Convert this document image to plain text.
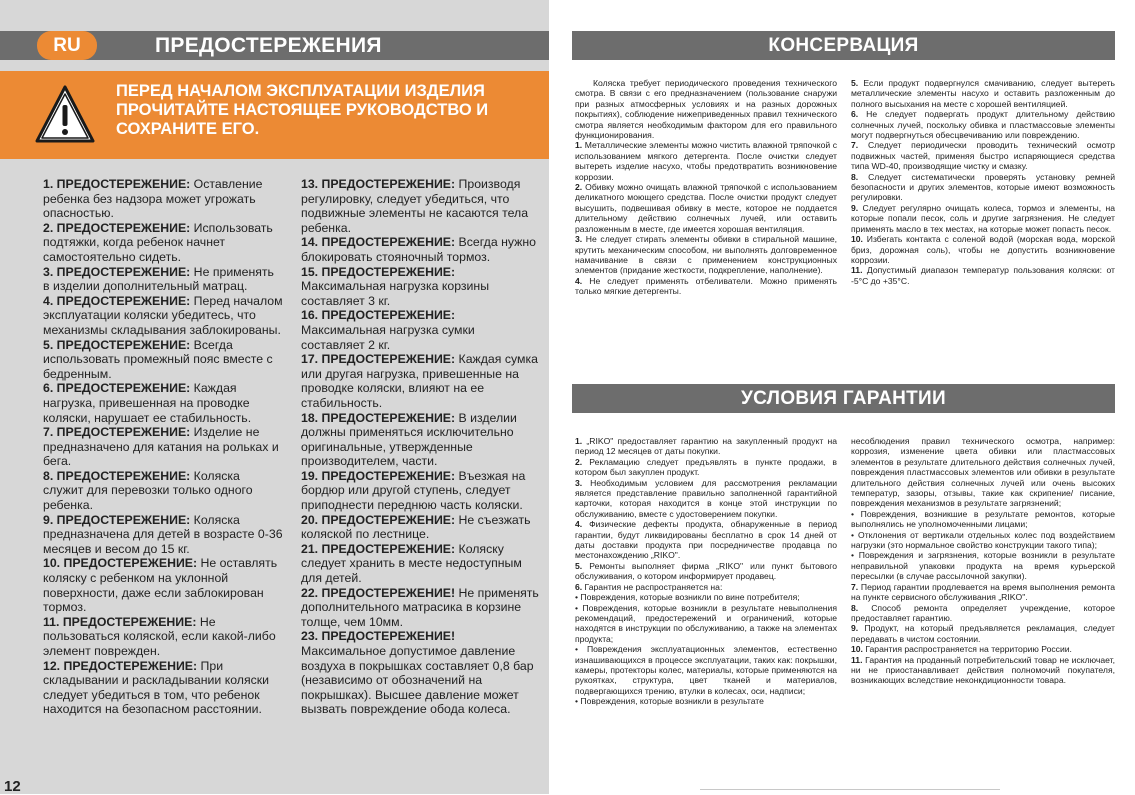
RU	ПРЕДОСТЕРЕЖЕНИЯ
ПЕРЕД НАЧАЛОМ ЭКСПЛУАТАЦИИ ИЗДЕЛИЯ ПРОЧИТАЙТЕ НАСТОЯЩЕЕ РУКОВОДСТВО И СОХРАНИТЕ ЕГО.

1. ПРЕДОСТЕРЕЖЕНИЕ: Оставление ребенка без надзора может угрожать опасностью.

2. ПРЕДОСТЕРЕЖЕНИЕ: Использовать подтяжки, когда ребенок начнет самостоятельно сидеть.

3. ПРЕДОСТЕРЕЖЕНИЕ: Не применять в изделии дополнительный матрац.

4. ПРЕДОСТЕРЕЖЕНИЕ: Перед началом эксплуатации коляски убедитесь, что механизмы складывания заблокированы.

5. ПРЕДОСТЕРЕЖЕНИЕ: Всегда использовать промежный пояс вместе с бедренным.

6. ПРЕДОСТЕРЕЖЕНИЕ: Каждая нагрузка, привешенная на проводке коляски, нарушает ее стабильность.

7. ПРЕДОСТЕРЕЖЕНИЕ: Изделие не предназначено для катания на рольках и бега.

8. ПРЕДОСТЕРЕЖЕНИЕ: Коляска служит для перевозки только одного ребенка.

9. ПРЕДОСТЕРЕЖЕНИЕ: Коляска предназначена для детей в возрасте 0-36 месяцев и весом до 15 кг.

10. ПРЕДОСТЕРЕЖЕНИЕ: Не оставлять коляску с ребенком на уклонной поверхности, даже если заблокирован тормоз.

11. ПРЕДОСТЕРЕЖЕНИЕ: Не пользоваться коляской, если какой-либо элемент поврежден.

12. ПРЕДОСТЕРЕЖЕНИЕ: При складывании и раскладывании коляски следует убедиться в том, что ребенок находится на безопасном расстоянии.

13. ПРЕДОСТЕРЕЖЕНИЕ: Производя регулировку, следует убедиться, что подвижные элементы не касаются тела ребенка.

14. ПРЕДОСТЕРЕЖЕНИЕ: Всегда нужно блокировать стояночный тормоз.

15. ПРЕДОСТЕРЕЖЕНИЕ: Максимальная нагрузка корзины составляет 3 кг.

16. ПРЕДОСТЕРЕЖЕНИЕ: Максимальная нагрузка сумки составляет 2 кг.

17. ПРЕДОСТЕРЕЖЕНИЕ: Каждая сумка или другая нагрузка, привешенные на проводке коляски, влияют на ее стабильность.

18. ПРЕДОСТЕРЕЖЕНИЕ: В изделии должны применяться исключительно оригинальные, утвержденные производителем, части.

19. ПРЕДОСТЕРЕЖЕНИЕ: Въезжая на бордюр или другой ступень, следует приподнести переднюю часть коляски.

20. ПРЕДОСТЕРЕЖЕНИЕ: Не съезжать коляской по лестнице.

21. ПРЕДОСТЕРЕЖЕНИЕ: Коляску следует хранить в месте недоступным для детей.

22. ПРЕДОСТЕРЕЖЕНИЕ! Не применять дополнительного матрасика в корзине толще, чем 10мм.

23. ПРЕДОСТЕРЕЖЕНИЕ! Максимальное допустимое давление воздуха в покрышках составляет 0,8 бар (независимо от обозначений на покрышках). Высшее давление может вызвать повреждение обода колеса.

12
КОНСЕРВАЦИЯ

Коляска требует периодического проведения технического смотра. В связи с его предназначением (пользование снаружи при разных атмосферных условиях и на разных дорожных покрытиях), соблюдение нижеприведенных правил технического смотра является необходимым фактором для его правильного функционирования.

1. Металлические элементы можно чистить влажной тряпочкой с использованием мягкого детергента. После очистки следует вытереть изделие насухо, чтобы предотвратить возникновение коррозии.

2. Обивку можно очищать влажной тряпочкой с использованием деликатного моющего средства. После очистки продукт следует высушить, подвешивая обивку в месте, которое не поддается длительному действию солнечных лучей, или оставить разложенным в месте, где имеется хорошая вентиляция.

3. Не следует стирать элементы обивки в стиральной машине, крутить механическим способом, ни выполнять долговременное намачивание в связи с применением конструкционных элементов (придание жесткости, подкрепление, наполнение).

4. Не следует применять отбеливатели. Можно применять только мягкие детергенты.

5. Если продукт подвергнулся смачиванию, следует вытереть металлические элементы насухо и оставить разложенным до полного высыхания на месте с хорошей вентиляцией.

6. Не следует подвергать продукт длительному действию солнечных лучей, поскольку обивка и пластмассовые элементы могут подвергнуться обесцвечиванию или повреждению.

7. Следует периодически проводить технический осмотр подвижных частей, применяя быстро испаряющиеся средства типа WD-40, производящие чистку и смазку.

8. Следует систематически проверять установку ремней безопасности и других элементов, которые имеют возможность регулировки.

9. Следует регулярно очищать колеса, тормоз и элементы, на которые попали песок, соль и другие загрязнения. Не следует применять масло в тех местах, на которые может попасть песок.

10. Избегать контакта с соленой водой (морская вода, морской бриз, дорожная соль), чтобы не допустить возникновение коррозии.

11. Допустимый диапазон температур пользования коляски: от -5°C до +35°C.

УСЛОВИЯ ГАРАНТИИ

1. „RIKO" предоставляет гарантию на закупленный продукт на период 12 месяцев от даты покупки.

2. Рекламацию следует предъявлять в пункте продажи, в котором был закуплен продукт.

3. Необходимым условием для рассмотрения рекламации является представление правильно заполненной гарантийной карточки, которая находится в конце этой инструкции по обслуживанию, вместе с удостоверением покупки.

4. Физические дефекты продукта, обнаруженные в период гарантии, будут ликвидированы бесплатно в срок 14 дней от даты доставки продукта при посредничестве продавца по местонахождению „RIKO".

5. Ремонты выполняет фирма „RIKO" или пункт бытового обслуживания, о котором информирует продавец.

6. Гарантия не распространяется на:

• Повреждения, которые возникли по вине потребителя;

• Повреждения, которые возникли в результате невыполнения рекомендаций, предостережений и ограничений, которые находятся в инструкции по обслуживанию, а также на элементах продукта;

• Повреждения эксплуатационных элементов, естественно изнашивающихся в процессе эксплуатации, таких как: покрышки, камеры, протекторы колес, материалы, которые применяются на рукоятках, структура, цвет тканей и материалов, подвергающихся трению, втулки в колесах, оси, надписи;

• Повреждения, которые возникли в результате

несоблюдения правил технического осмотра, например: коррозия, изменение цвета обивки или пластмассовых элементов в результате длительного действия солнечных лучей, повреждения пластмассовых элементов или обивки в результате длительного действия солнечных лучей или очень высоких температур, зазоры, отзывы, такие как скрипение/ писание, повреждения механизмов в результате загрязнений;

• Повреждения, возникшие в результате ремонтов, которые выполнялись не уполномоченными лицами;

• Отклонения от вертикали отдельных колес под воздействием нагрузки (это нормальное свойство конструкции такого типа);

• Повреждения и загрязнения, которые возникли в результате неправильной упаковки продукта на время курьерской пересылки (в случае рассылочной закупки).

7. Период гарантии продлевается на время выполнения ремонта на пункте сервисного обслуживания „RIKO".

8. Способ ремонта определяет учреждение, которое предоставляет гарантию.

9. Продукт, на который предъявляется рекламация, следует передавать в чистом состоянии.

10. Гарантия распространяется на территорию России.

11. Гарантия на проданный потребительский товар не исключает, ни не приостанавливает действия полномочий покупателя, возникающих вследствие неконкдиционности товара.
